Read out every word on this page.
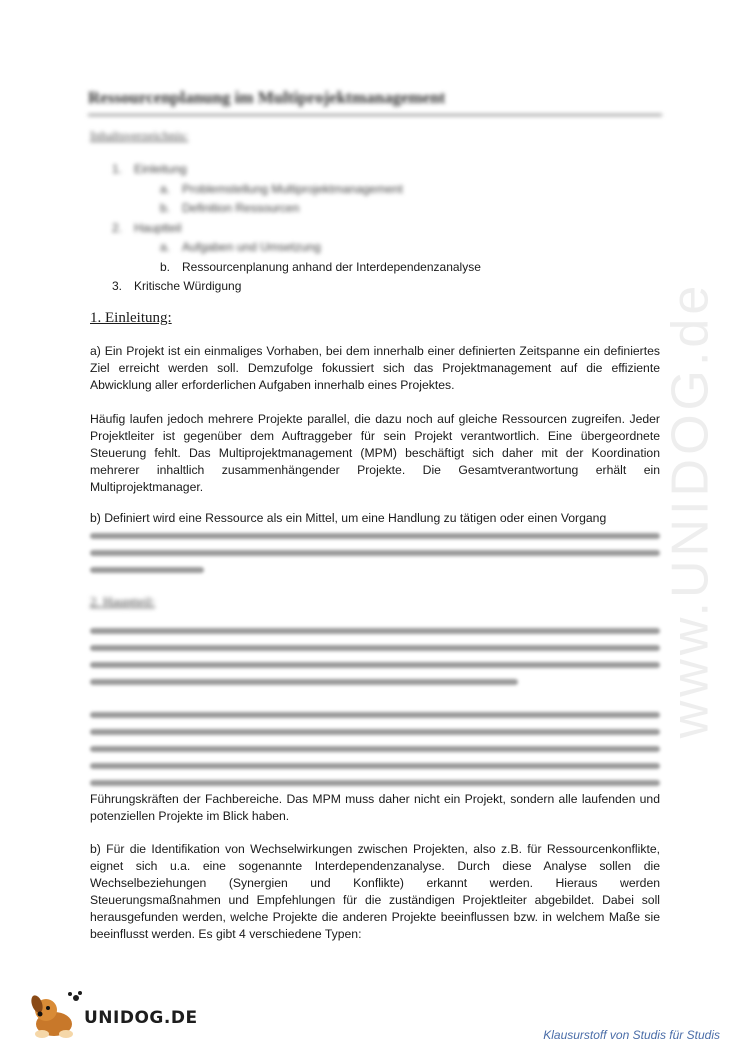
www.UNIDOG.de
Ressourcenplanung im Multiprojektmanagement
Inhaltsverzeichnis:
1. Einleitung
a. Problemstellung Multiprojektmanagement
b. Definition Ressourcen
2. Hauptteil
a. Aufgaben und Umsetzung
b. Ressourcenplanung anhand der Interdependenzanalyse
3. Kritische Würdigung
1. Einleitung:
a) Ein Projekt ist ein einmaliges Vorhaben, bei dem innerhalb einer definierten Zeitspanne ein definiertes Ziel erreicht werden soll. Demzufolge fokussiert sich das Projektmanagement auf die effiziente Abwicklung aller erforderlichen Aufgaben innerhalb eines Projektes.
Häufig laufen jedoch mehrere Projekte parallel, die dazu noch auf gleiche Ressourcen zugreifen. Jeder Projektleiter ist gegenüber dem Auftraggeber für sein Projekt verantwortlich. Eine übergeordnete Steuerung fehlt. Das Multiprojektmanagement (MPM) beschäftigt sich daher mit der Koordination mehrerer inhaltlich zusammenhängender Projekte. Die Gesamtverantwortung erhält ein Multiprojektmanager.
b) Definiert wird eine Ressource als ein Mittel, um eine Handlung zu tätigen oder einen Vorgang
2. Hauptteil:
Führungskräften der Fachbereiche. Das MPM muss daher nicht ein Projekt, sondern alle laufenden und potenziellen Projekte im Blick haben.
b) Für die Identifikation von Wechselwirkungen zwischen Projekten, also z.B. für Ressourcenkonflikte, eignet sich u.a. eine sogenannte Interdependenzanalyse. Durch diese Analyse sollen die Wechselbeziehungen (Synergien und Konflikte) erkannt werden. Hieraus werden Steuerungsmaßnahmen und Empfehlungen für die zuständigen Projektleiter abgebildet. Dabei soll herausgefunden werden, welche Projekte die anderen Projekte beeinflussen bzw. in welchem Maße sie beeinflusst werden. Es gibt 4 verschiedene Typen:
UNIDOG.DE
Klausurstoff von Studis für Studis
